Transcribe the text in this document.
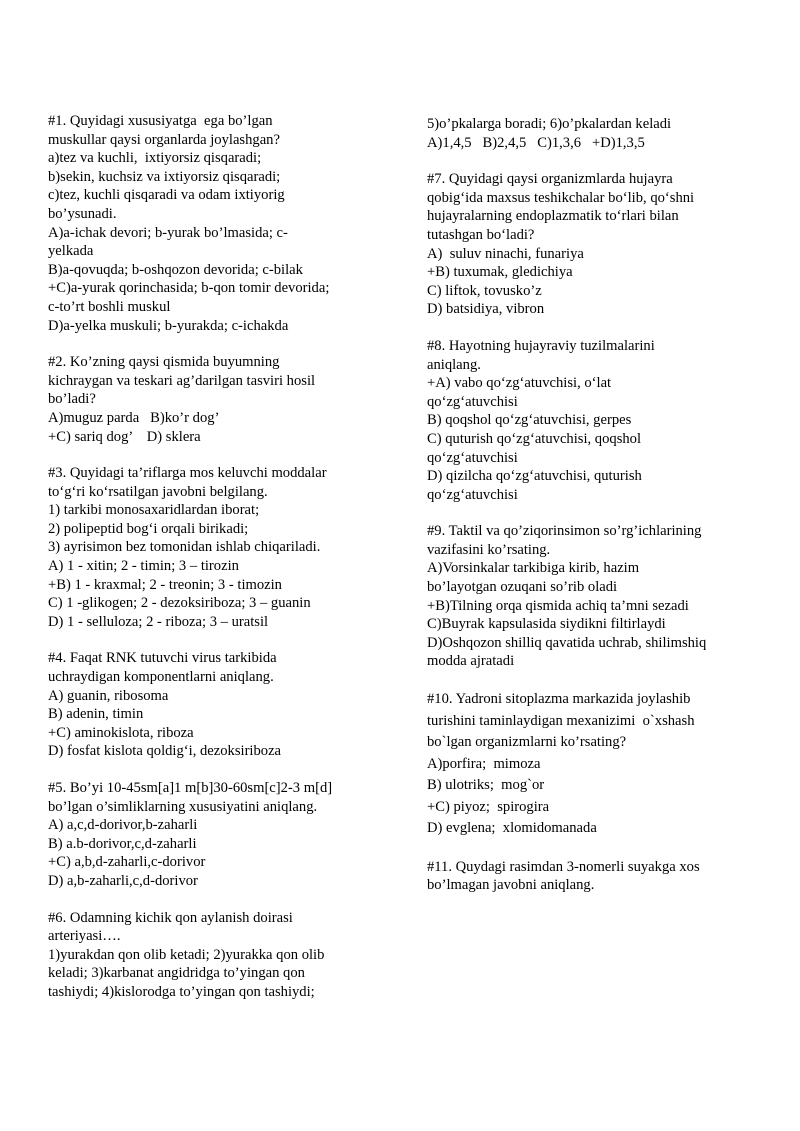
#1. Quyidagi xususiyatga  ega bo’lgan
muskullar qaysi organlarda joylashgan?
a)tez va kuchli,  ixtiyorsiz qisqaradi;
b)sekin, kuchsiz va ixtiyorsiz qisqaradi;
c)tez, kuchli qisqaradi va odam ixtiyorig
bo’ysunadi.
A)a-ichak devori; b-yurak bo’lmasida; c-
yelkada
B)a-qovuqda; b-oshqozon devorida; c-bilak
+C)a-yurak qorinchasida; b-qon tomir devorida;
c-to’rt boshli muskul
D)a-yelka muskuli; b-yurakda; c-ichakda
#2. Ko’zning qaysi qismida buyumning
kichraygan va teskari ag’darilgan tasviri hosil
bo’ladi?
A)muguz parda   B)ko’r dog’
+C) sariq dog’    D) sklera
#3. Quyidagi ta’riflarga mos keluvchi moddalar
to‘g‘ri ko‘rsatilgan javobni belgilang.
1) tarkibi monosaxaridlardan iborat;
2) polipeptid bog‘i orqali birikadi;
3) ayrisimon bez tomonidan ishlab chiqariladi.
A) 1 - xitin; 2 - timin; 3 – tirozin
+B) 1 - kraxmal; 2 - treonin; 3 - timozin
C) 1 -glikogen; 2 - dezoksiriboza; 3 – guanin
D) 1 - selluloza; 2 - riboza; 3 – uratsil
#4. Faqat RNK tutuvchi virus tarkibida
uchraydigan komponentlarni aniqlang.
A) guanin, ribosoma
B) adenin, timin
+C) aminokislota, riboza
D) fosfat kislota qoldig‘i, dezoksiriboza
#5. Bo’yi 10-45sm[a]1 m[b]30-60sm[c]2-3 m[d]
bo’lgan o’simliklarning xususiyatini aniqlang.
A) a,c,d-dorivor,b-zaharli
B) a.b-dorivor,c,d-zaharli
+C) a,b,d-zaharli,c-dorivor
D) a,b-zaharli,c,d-dorivor
#6. Odamning kichik qon aylanish doirasi
arteriyasi….
1)yurakdan qon olib ketadi; 2)yurakka qon olib
keladi; 3)karbanat angidridga to’yingan qon
tashiydi; 4)kislorodga to’yingan qon tashiydi;
5)o’pkalarga boradi; 6)o’pkalardan keladi
A)1,4,5   B)2,4,5   C)1,3,6   +D)1,3,5
#7. Quyidagi qaysi organizmlarda hujayra
qobig‘ida maxsus teshikchalar bo‘lib, qo‘shni
hujayralarning endoplazmatik to‘rlari bilan
tutashgan bo‘ladi?
A)  suluv ninachi, funariya
+B) tuxumak, gledichiya
C) liftok, tovusko’z
D) batsidiya, vibron
#8. Hayotning hujayraviy tuzilmalarini
aniqlang.
+A) vabo qo‘zg‘atuvchisi, o‘lat
qo‘zg‘atuvchisi
B) qoqshol qo‘zg‘atuvchisi, gerpes
C) quturish qo‘zg‘atuvchisi, qoqshol
qo‘zg‘atuvchisi
D) qizilcha qo‘zg‘atuvchisi, quturish
qo‘zg‘atuvchisi
#9. Taktil va qo’ziqorinsimon so’rg’ichlarining
vazifasini ko’rsating.
A)Vorsinkalar tarkibiga kirib, hazim
bo’layotgan ozuqani so’rib oladi
+B)Tilning orqa qismida achiq ta’mni sezadi
C)Buyrak kapsulasida siydikni filtirlaydi
D)Oshqozon shilliq qavatida uchrab, shilimshiq
modda ajratadi
#10. Yadroni sitoplazma markazida joylashib
turishini taminlaydigan mexanizimi  o`xshash
bo`lgan organizmlarni ko’rsating?
A)porfira;  mimoza
B) ulotriks;  mog`or
+C) piyoz;  spirogira
D) evglena;  xlomidomanada
#11. Quydagi rasimdan 3-nomerli suyakga xos
bo’lmagan javobni aniqlang.
